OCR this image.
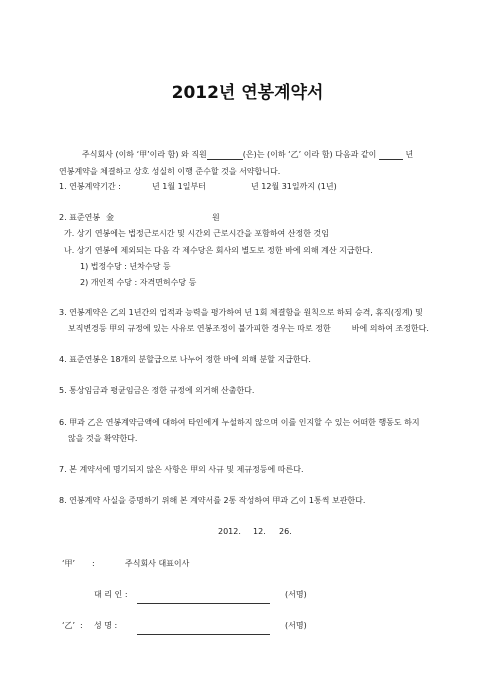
2012년 연봉계약서
주식회사 (이하 ‘甲’이라 함) 와 직원	(은)는 (이하 ‘乙’ 이라 함) 다음과 같이	년
연봉계약을 체결하고 상호 성실히 이행 준수할 것을 서약합니다.
1. 연봉계약기간 :	년 1월 1일부터	년 12월 31일까지 (1년)
2. 표준연봉 金	원
가. 상기 연봉에는 법정근로시간 및 시간외 근로시간을 포함하여 산정한 것임
나. 상기 연봉에 제외되는 다음 각 제수당은 회사의 별도로 정한 바에 의해 계산 지급한다.
1) 법정수당 : 년차수당 등
2) 개인적 수당 : 자격면허수당 등
3. 연봉계약은 乙의 1년간의 업적과 능력을 평가하여 년 1회 체결함을 원칙으로 하되 승격, 휴직(징계) 및
보직변경등 甲의 규정에 있는 사유로 연봉조정이 불가피한 경우는 따로 정한	바에 의하여 조정한다.
4. 표준연봉은 18개의 분할급으로 나누어 정한 바에 의해 분할 지급한다.
5. 통상임금과 평균임금은 정한 규정에 의거해 산출한다.
6. 甲과 乙은 연봉계약금액에 대하여 타인에게 누설하지 않으며 이를 인지할 수 있는 어떠한 행동도 하지
않을 것을 확약한다.
7. 본 계약서에 명기되지 않은 사항은 甲의 사규 및 제규정등에 따른다.
8. 연봉계약 사실을 증명하기 위해 본 계약서를 2통 작성하여 甲과 乙이 1통씩 보관한다.
2012. 12. 26.
‘甲’ :	주식회사 대표이사
대 리 인 :	(서명)
‘乙’ : 성 명 :	(서명)
